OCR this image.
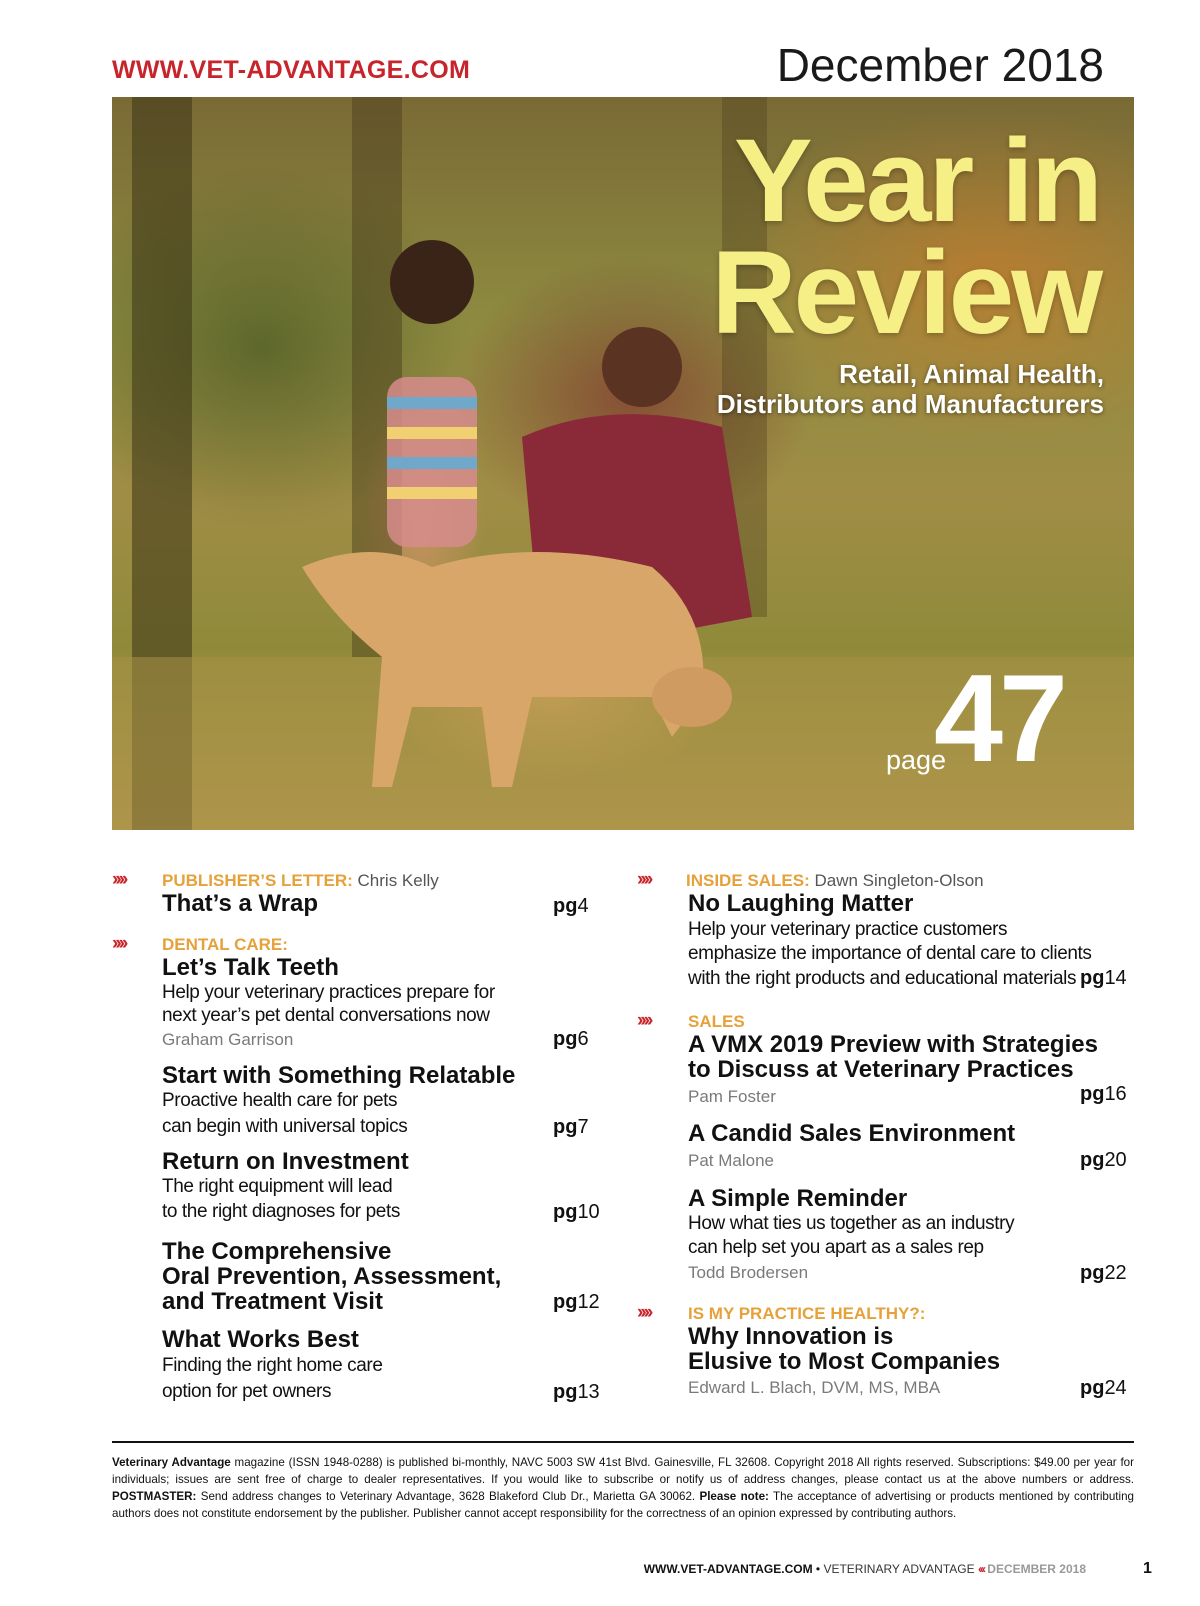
WWW.VET-ADVANTAGE.COM	December 2018
Year in
Review
Retail, Animal Health,
Distributors and Manufacturers
page
47
›››› PUBLISHER’S LETTER: Chris Kelly
That’s a Wrap	pg4
›››› DENTAL CARE:
Let’s Talk Teeth
Help your veterinary practices prepare for
next year’s pet dental conversations now
Graham Garrison	pg6
Start with Something Relatable
Proactive health care for pets
can begin with universal topics	pg7
Return on Investment
The right equipment will lead
to the right diagnoses for pets	pg10
The Comprehensive
Oral Prevention, Assessment,
and Treatment Visit	pg12
What Works Best
Finding the right home care
option for pet owners	pg13
›››› INSIDE SALES: Dawn Singleton-Olson
No Laughing Matter
Help your veterinary practice customers
emphasize the importance of dental care to clients
with the right products and educational materials pg14
›››› SALES
A VMX 2019 Preview with Strategies
to Discuss at Veterinary Practices
Pam Foster	pg16
A Candid Sales Environment
Pat Malone	pg20
A Simple Reminder
How what ties us together as an industry
can help set you apart as a sales rep
Todd Brodersen	pg22
›››› IS MY PRACTICE HEALTHY?:
Why Innovation is
Elusive to Most Companies
Edward L. Blach, DVM, MS, MBA	pg24
Veterinary Advantage magazine (ISSN 1948-0288) is published bi-monthly, NAVC 5003 SW 41st Blvd. Gainesville, FL 32608. Copyright 2018 All rights reserved. Subscriptions: $49.00 per year for individuals; issues are sent free of charge to dealer representatives. If you would like to subscribe or notify us of address changes, please contact us at the above numbers or address. POSTMASTER: Send address changes to Veterinary Advantage, 3628 Blakeford Club Dr., Marietta GA 30062. Please note: The acceptance of advertising or products mentioned by contributing authors does not constitute endorsement by the publisher. Publisher cannot accept responsibility for the correctness of an opinion expressed by contributing authors.
WWW.VET-ADVANTAGE.COM • VETERINARY ADVANTAGE ‹‹‹ DECEMBER 2018	1
